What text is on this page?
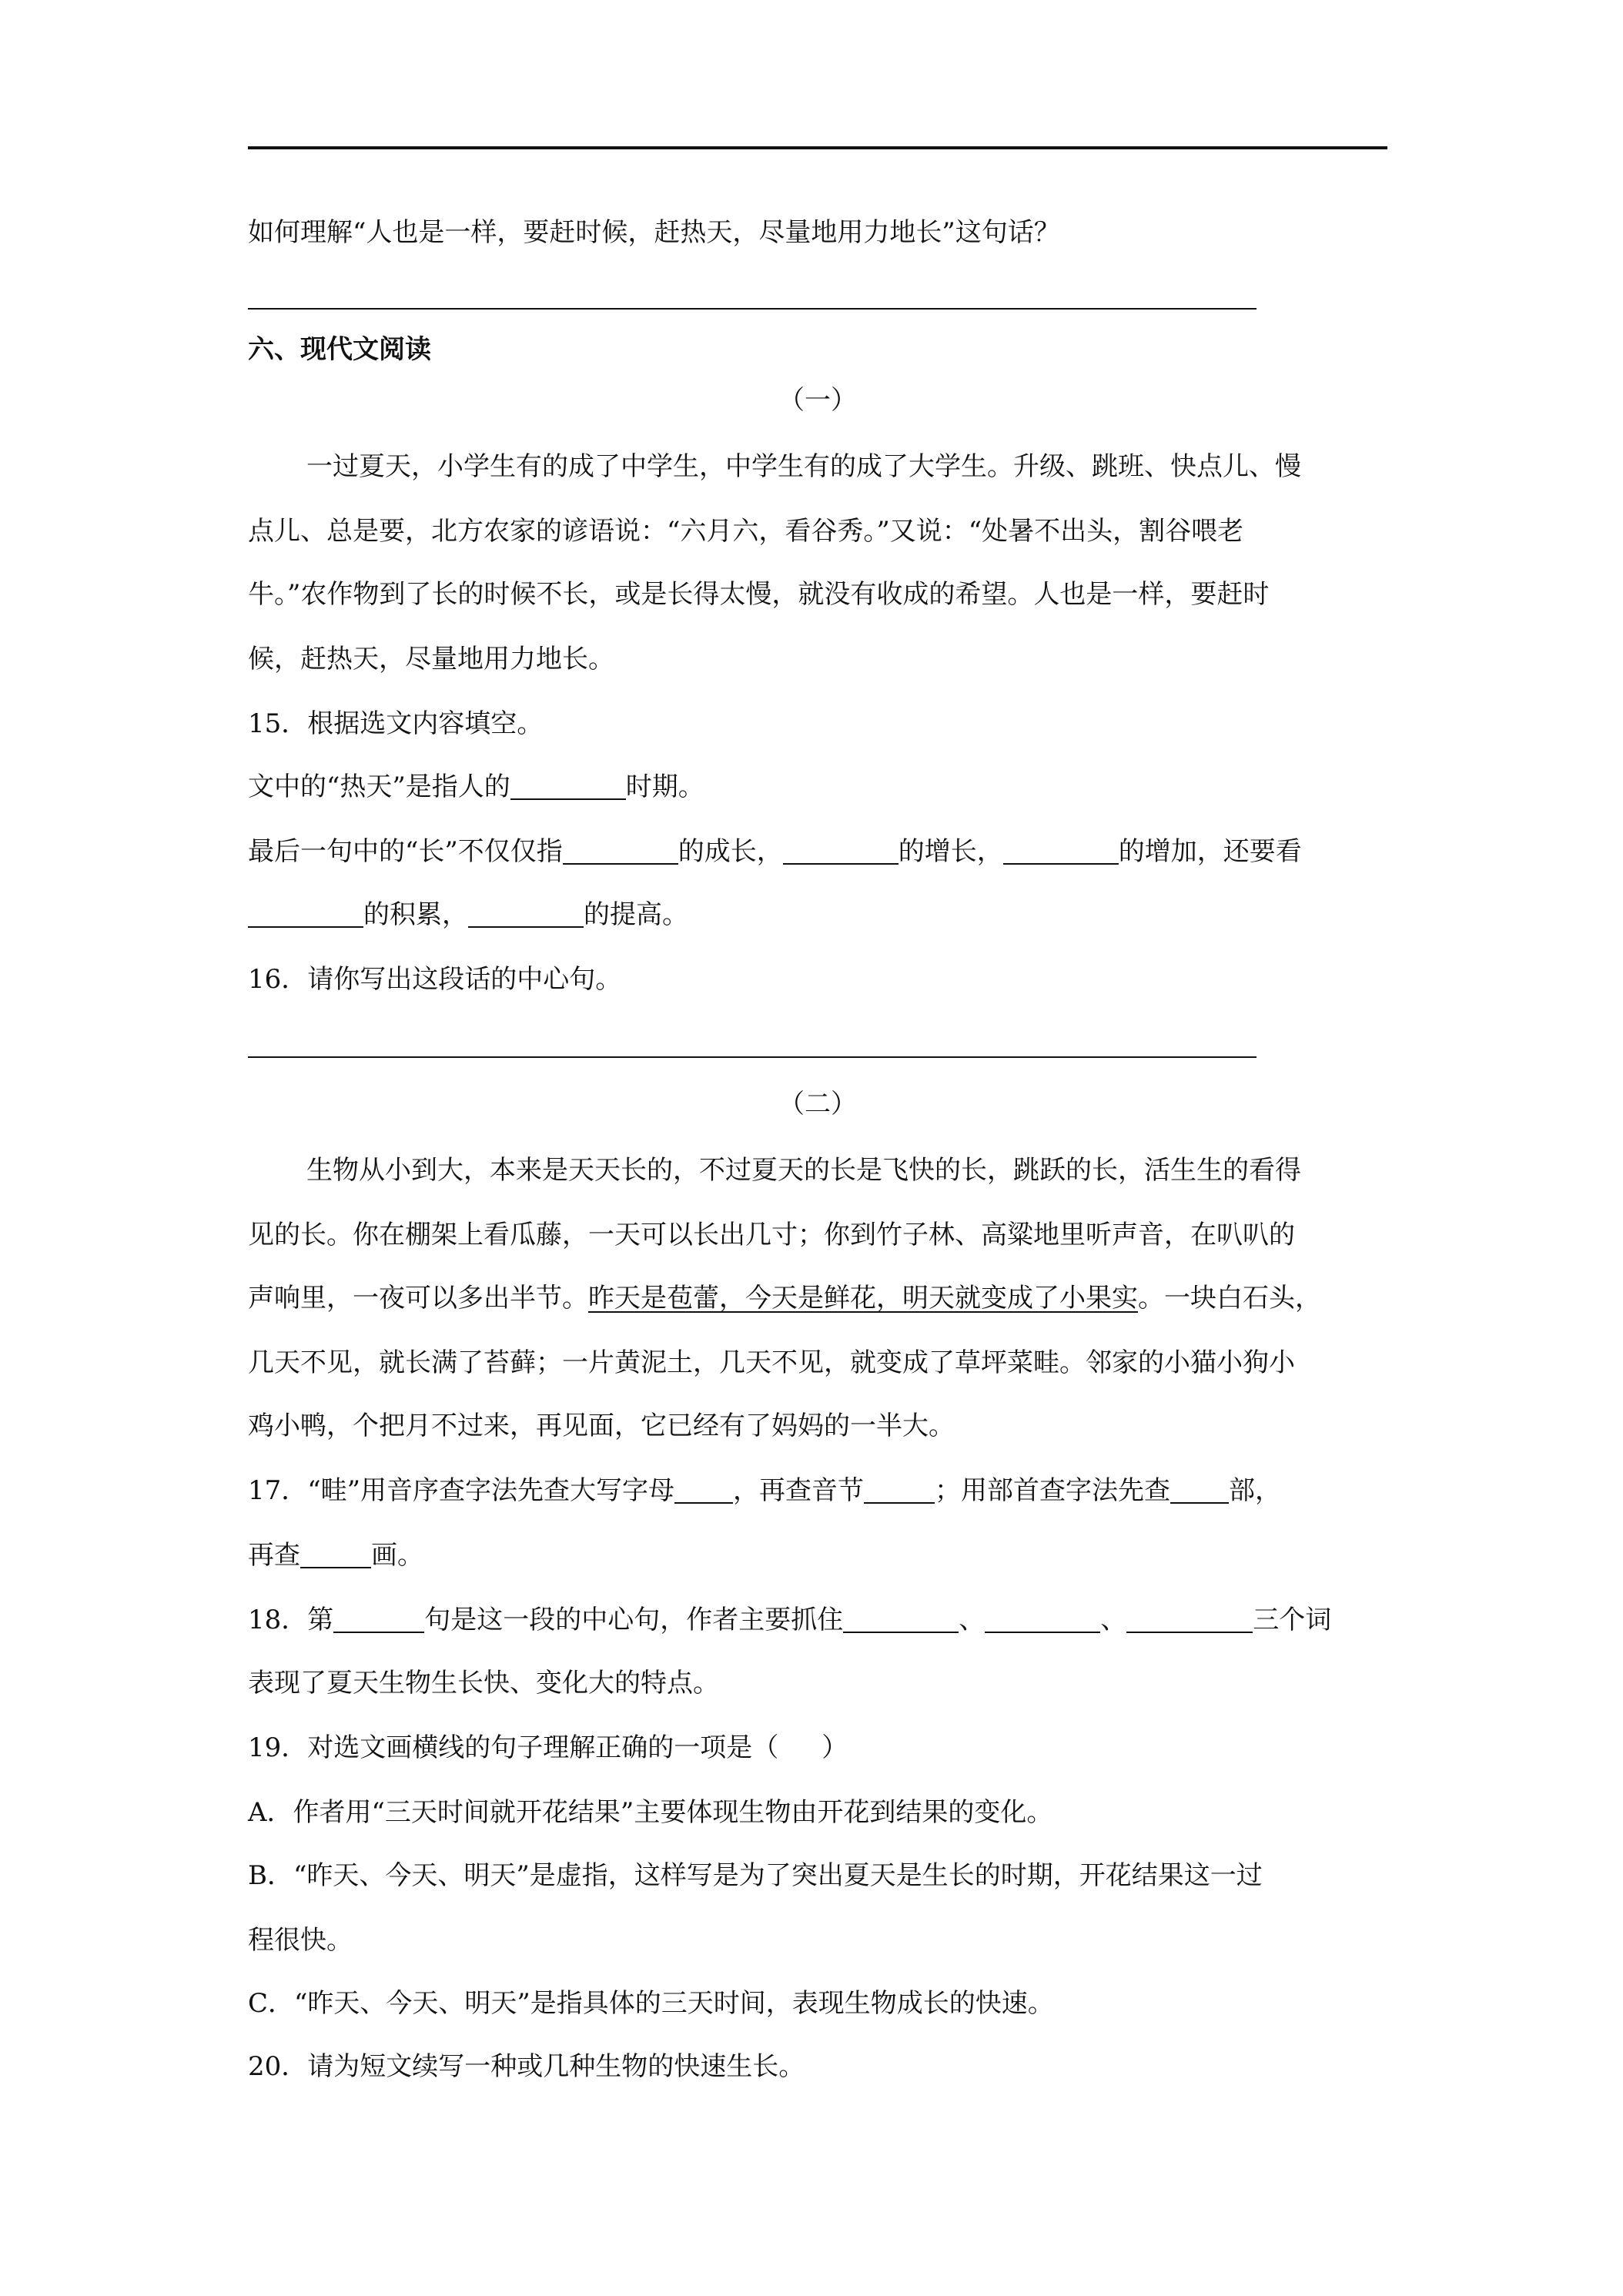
如何理解“人也是一样，要赶时候，赶热天，尽量地用力地长”这句话？
六、现代文阅读
（一）
一过夏天，小学生有的成了中学生，中学生有的成了大学生。升级、跳班、快点儿、慢
点儿、总是要，北方农家的谚语说：“六月六，看谷秀。”又说：“处暑不出头，割谷喂老
牛。”农作物到了长的时候不长，或是长得太慢，就没有收成的希望。人也是一样，要赶时
候，赶热天，尽量地用力地长。
15．根据选文内容填空。
文中的“热天”是指人的	时期。
最后一句中的“长”不仅仅指	的成长，	的增长，	的增加，还要看
的积累，	的提高。
16．请你写出这段话的中心句。
（二）
生物从小到大，本来是天天长的，不过夏天的长是飞快的长，跳跃的长，活生生的看得
见的长。你在棚架上看瓜藤，一天可以长出几寸；你到竹子林、高粱地里听声音，在叭叭的
声响里，一夜可以多出半节。昨天是苞蕾，今天是鲜花，明天就变成了小果实。一块白石头，
几天不见，就长满了苔藓；一片黄泥土，几天不见，就变成了草坪菜畦。邻家的小猫小狗小
鸡小鸭，个把月不过来，再见面，它已经有了妈妈的一半大。
17．“畦”用音序查字法先查大写字母 ，再查音节	；用部首查字法先查 部，
再查	画。
18．第	句是这一段的中心句，作者主要抓住	、	、	三个词
表现了夏天生物生长快、变化大的特点。
19．对选文画横线的句子理解正确的一项是（ ）
A．作者用“三天时间就开花结果”主要体现生物由开花到结果的变化。
B．“昨天、今天、明天”是虚指，这样写是为了突出夏天是生长的时期，开花结果这一过
程很快。
C．“昨天、今天、明天”是指具体的三天时间，表现生物成长的快速。
20．请为短文续写一种或几种生物的快速生长。
